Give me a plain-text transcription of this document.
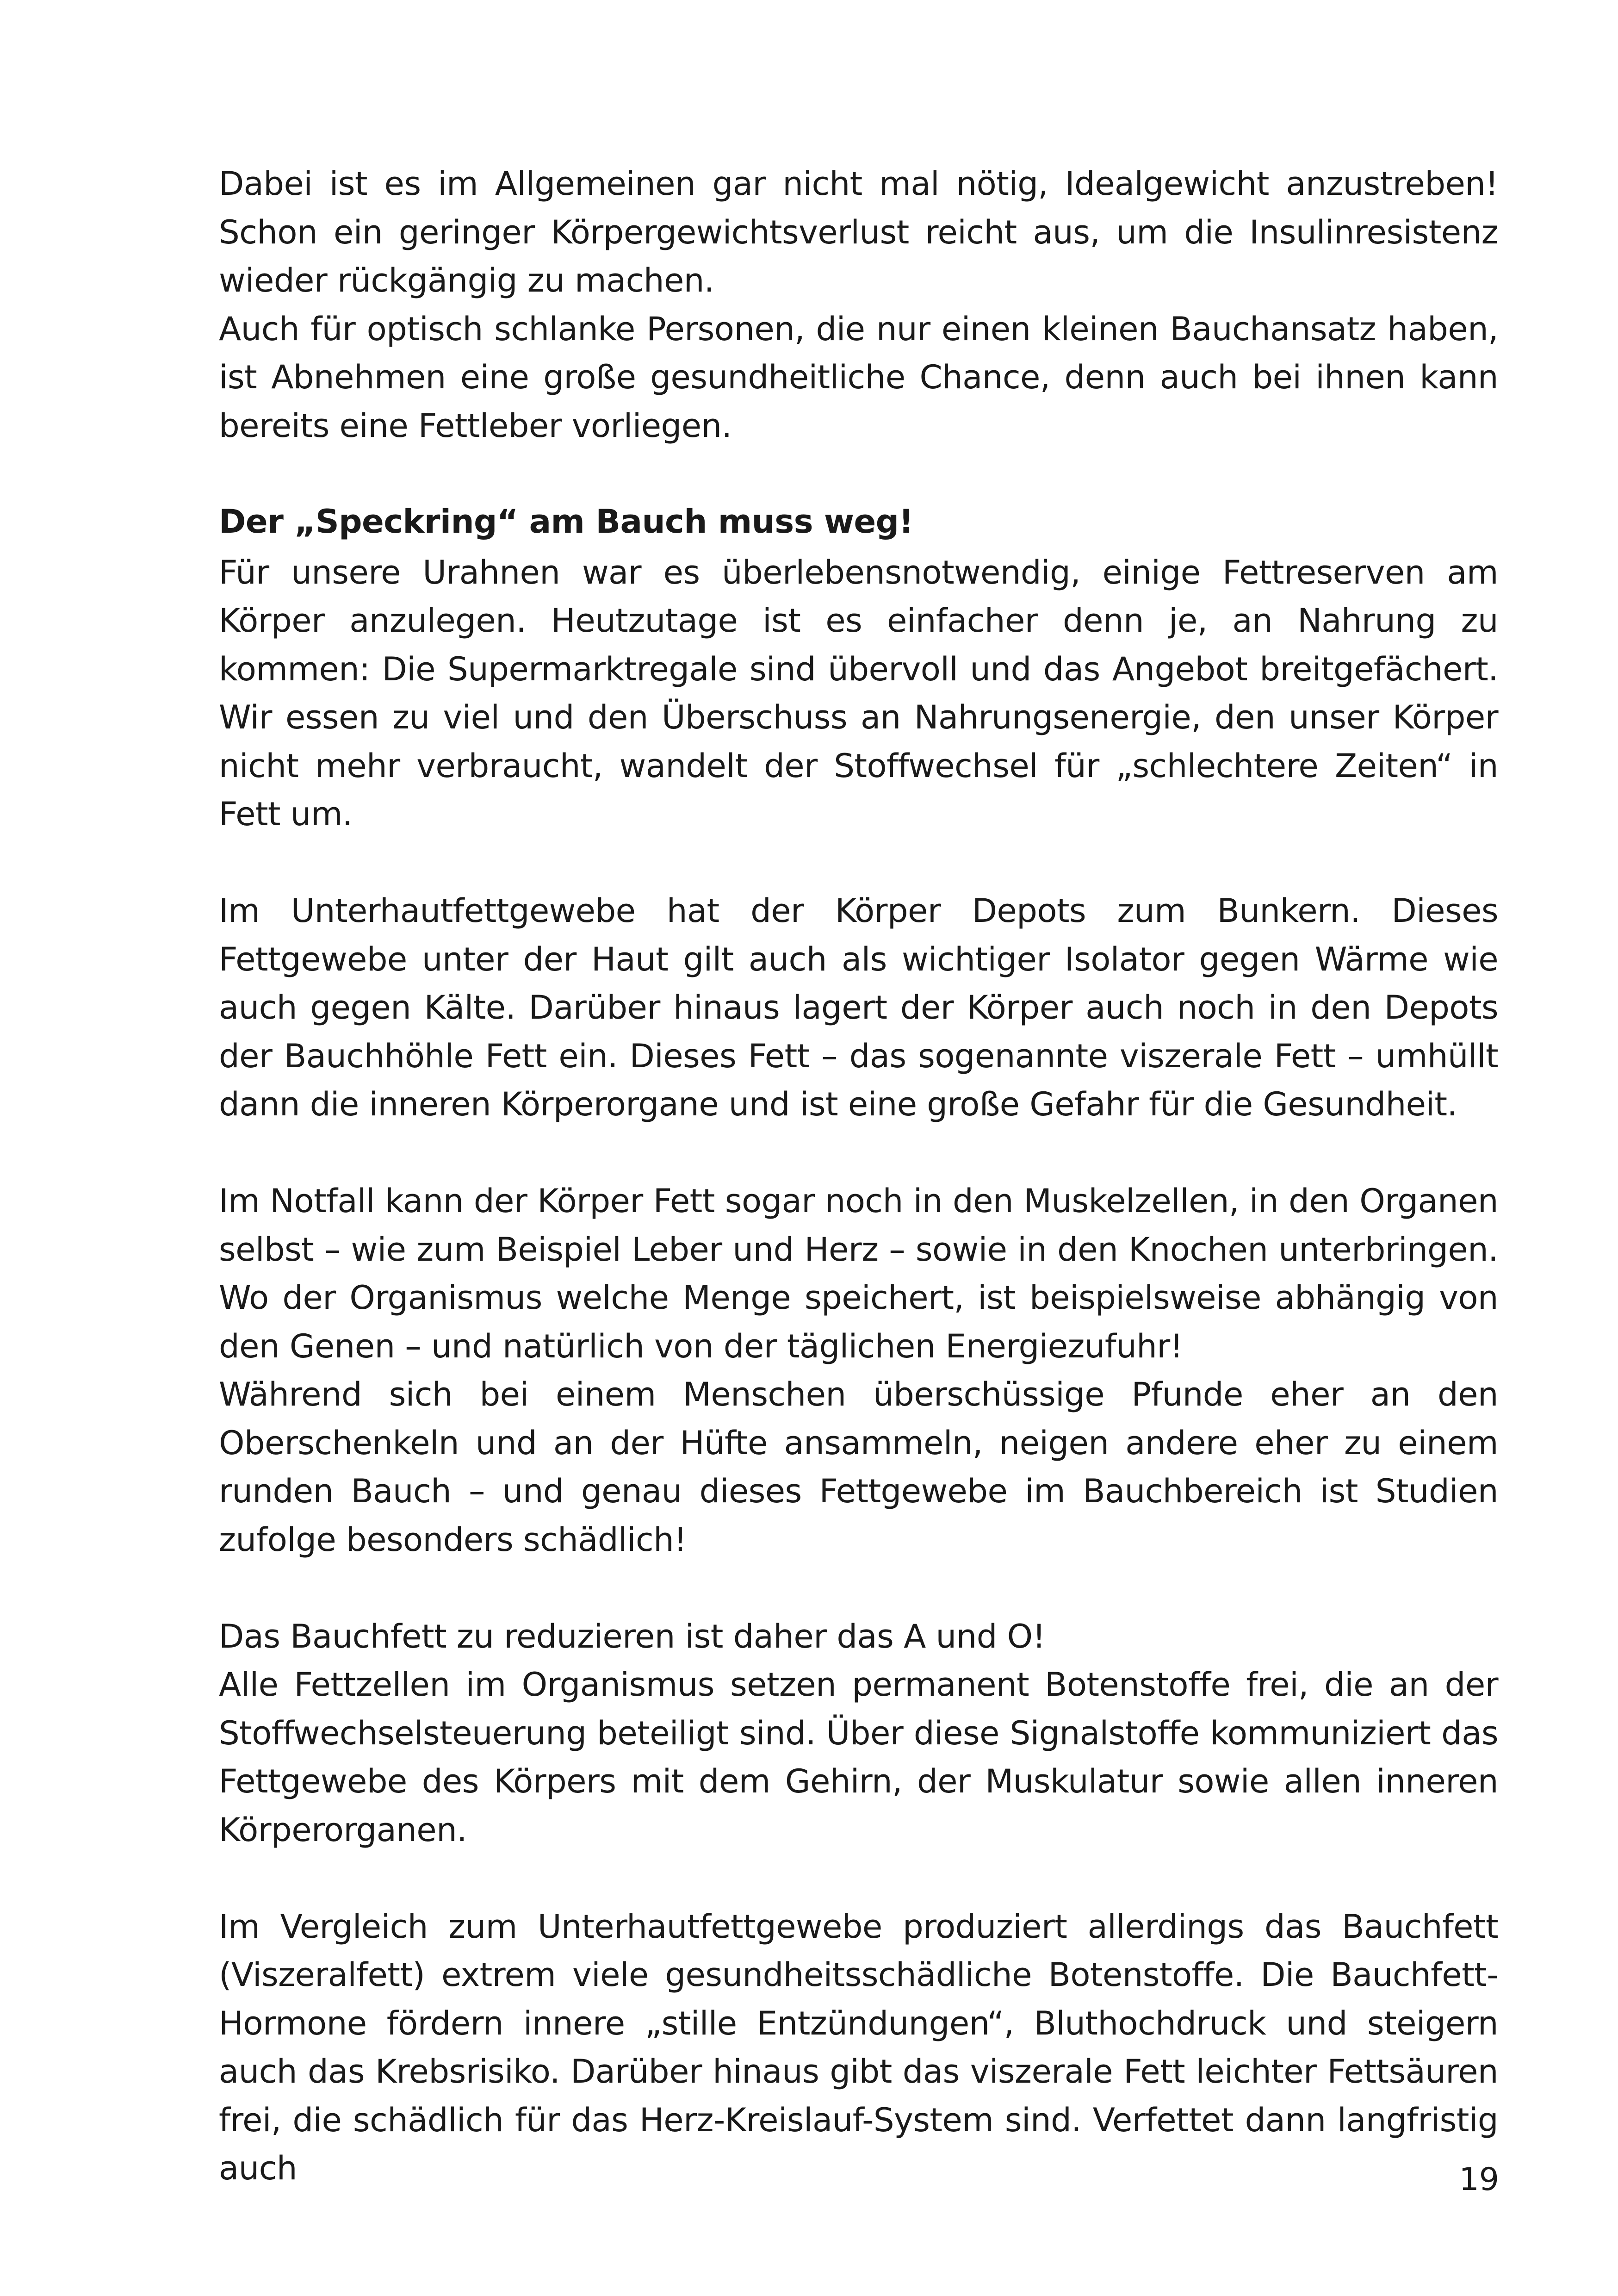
Dabei ist es im Allgemeinen gar nicht mal nötig, Idealgewicht anzustreben! Schon ein geringer Körpergewichtsverlust reicht aus, um die Insulinresistenz wieder rückgängig zu machen.

Auch für optisch schlanke Personen, die nur einen kleinen Bauchansatz haben, ist Abnehmen eine große gesundheitliche Chance, denn auch bei ihnen kann bereits eine Fettleber vorliegen.

Der „Speckring“ am Bauch muss weg!

Für unsere Urahnen war es überlebensnotwendig, einige Fettreserven am Körper anzulegen. Heutzutage ist es einfacher denn je, an Nahrung zu kommen: Die Supermarktregale sind übervoll und das Angebot breitgefächert. Wir essen zu viel und den Überschuss an Nahrungsenergie, den unser Körper nicht mehr verbraucht, wandelt der Stoffwechsel für „schlechtere Zeiten“ in Fett um.

Im Unterhautfettgewebe hat der Körper Depots zum Bunkern. Dieses Fettgewebe unter der Haut gilt auch als wichtiger Isolator gegen Wärme wie auch gegen Kälte. Darüber hinaus lagert der Körper auch noch in den Depots der Bauchhöhle Fett ein. Dieses Fett – das sogenannte viszerale Fett – umhüllt dann die inneren Körperorgane und ist eine große Gefahr für die Gesundheit.

Im Notfall kann der Körper Fett sogar noch in den Muskelzellen, in den Organen selbst – wie zum Beispiel Leber und Herz – sowie in den Knochen unterbringen. Wo der Organismus welche Menge speichert, ist beispielsweise abhängig von den Genen – und natürlich von der täglichen Energiezufuhr!

Während sich bei einem Menschen überschüssige Pfunde eher an den Oberschenkeln und an der Hüfte ansammeln, neigen andere eher zu einem runden Bauch – und genau dieses Fettgewebe im Bauchbereich ist Studien zufolge besonders schädlich!

Das Bauchfett zu reduzieren ist daher das A und O!

Alle Fettzellen im Organismus setzen permanent Botenstoffe frei, die an der Stoffwechselsteuerung beteiligt sind. Über diese Signalstoffe kommuniziert das Fettgewebe des Körpers mit dem Gehirn, der Muskulatur sowie allen inneren Körperorganen.

Im Vergleich zum Unterhautfettgewebe produziert allerdings das Bauchfett (Viszeralfett) extrem viele gesundheitsschädliche Botenstoffe. Die Bauchfett-Hormone fördern innere „stille Entzündungen“, Bluthochdruck und steigern auch das Krebsrisiko. Darüber hinaus gibt das viszerale Fett leichter Fettsäuren frei, die schädlich für das Herz-Kreislauf-System sind. Verfettet dann langfristig auch	19
